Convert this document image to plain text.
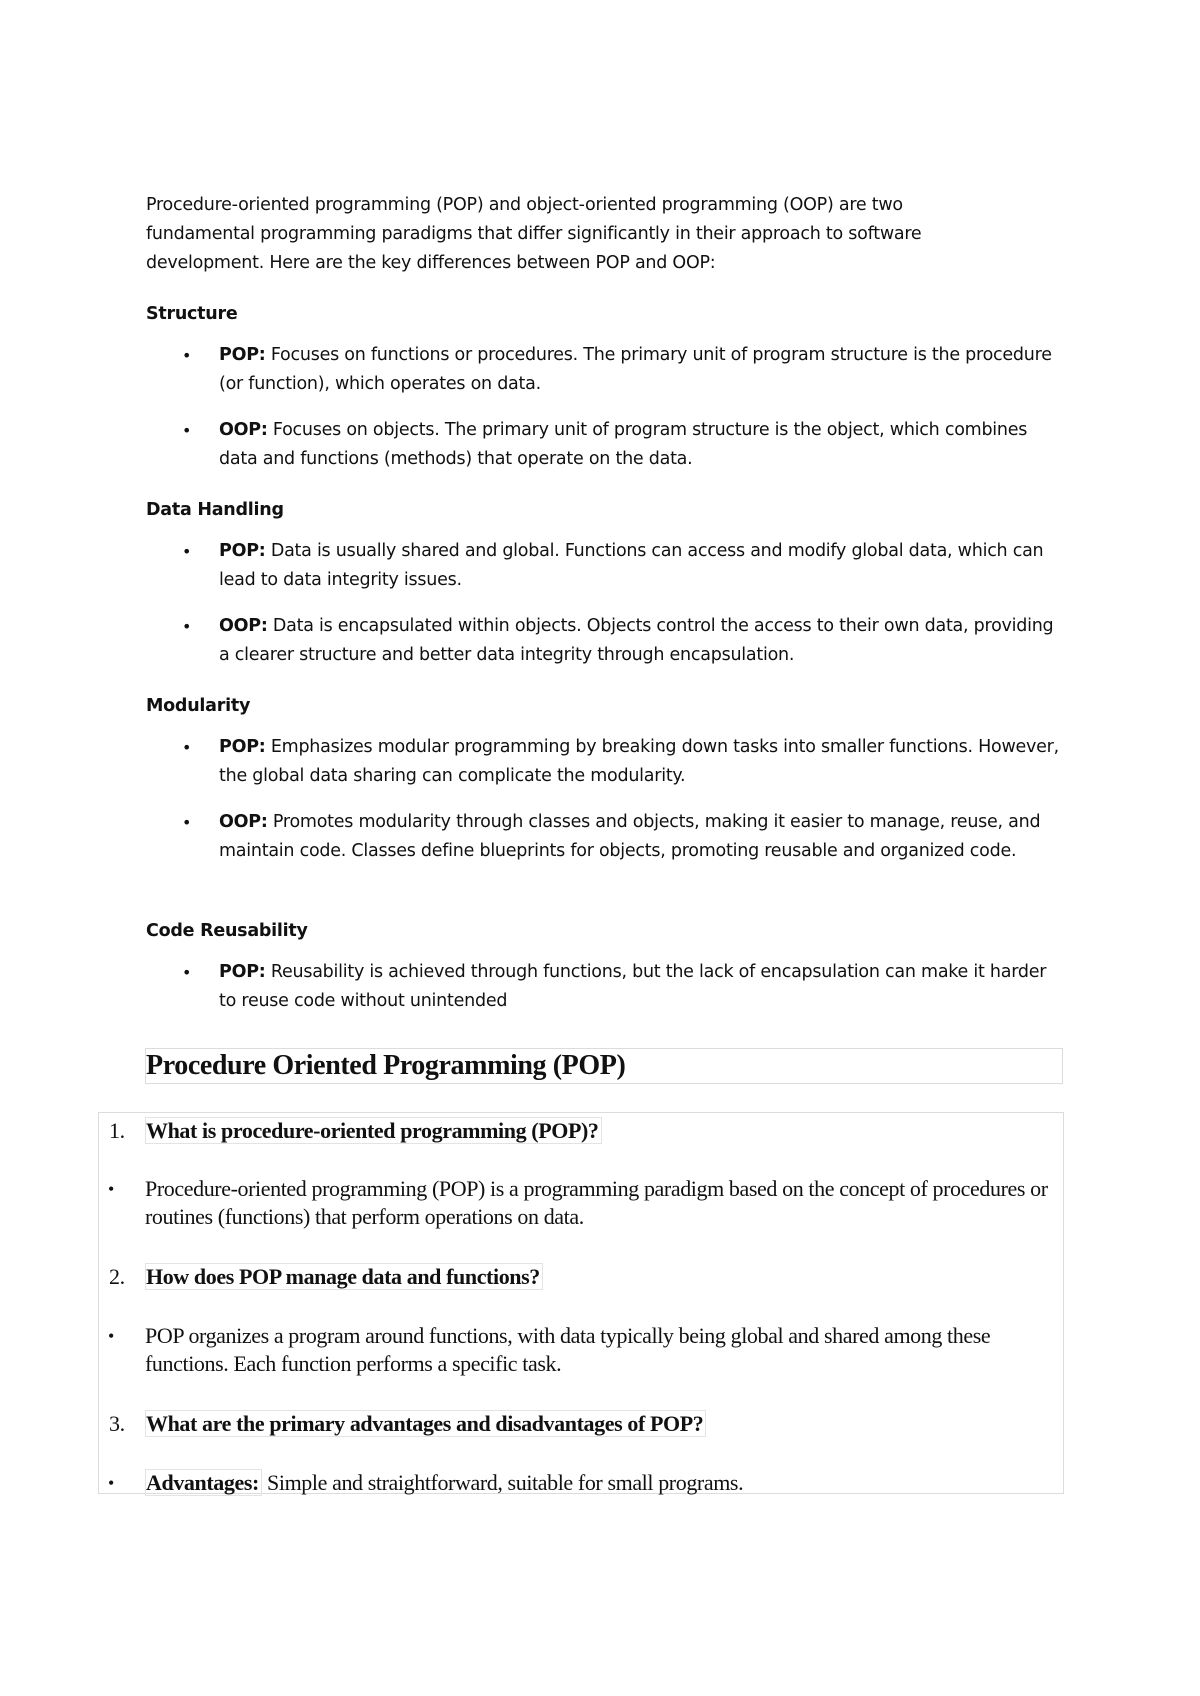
Procedure-oriented programming (POP) and object-oriented programming (OOP) are two fundamental programming paradigms that differ significantly in their approach to software development. Here are the key differences between POP and OOP:

Structure
• POP: Focuses on functions or procedures. The primary unit of program structure is the procedure (or function), which operates on data.
• OOP: Focuses on objects. The primary unit of program structure is the object, which combines data and functions (methods) that operate on the data.
Data Handling
• POP: Data is usually shared and global. Functions can access and modify global data, which can lead to data integrity issues.
• OOP: Data is encapsulated within objects. Objects control the access to their own data, providing a clearer structure and better data integrity through encapsulation.
Modularity
• POP: Emphasizes modular programming by breaking down tasks into smaller functions. However, the global data sharing can complicate the modularity.
• OOP: Promotes modularity through classes and objects, making it easier to manage, reuse, and maintain code. Classes define blueprints for objects, promoting reusable and organized code.
Code Reusability
• POP: Reusability is achieved through functions, but the lack of encapsulation can make it harder to reuse code without unintended
Procedure Oriented Programming (POP)
1. What is procedure-oriented programming (POP)?
• Procedure-oriented programming (POP) is a programming paradigm based on the concept of procedures or routines (functions) that perform operations on data.
2. How does POP manage data and functions?
• POP organizes a program around functions, with data typically being global and shared among these functions. Each function performs a specific task.
3. What are the primary advantages and disadvantages of POP?
• Advantages: Simple and straightforward, suitable for small programs.
